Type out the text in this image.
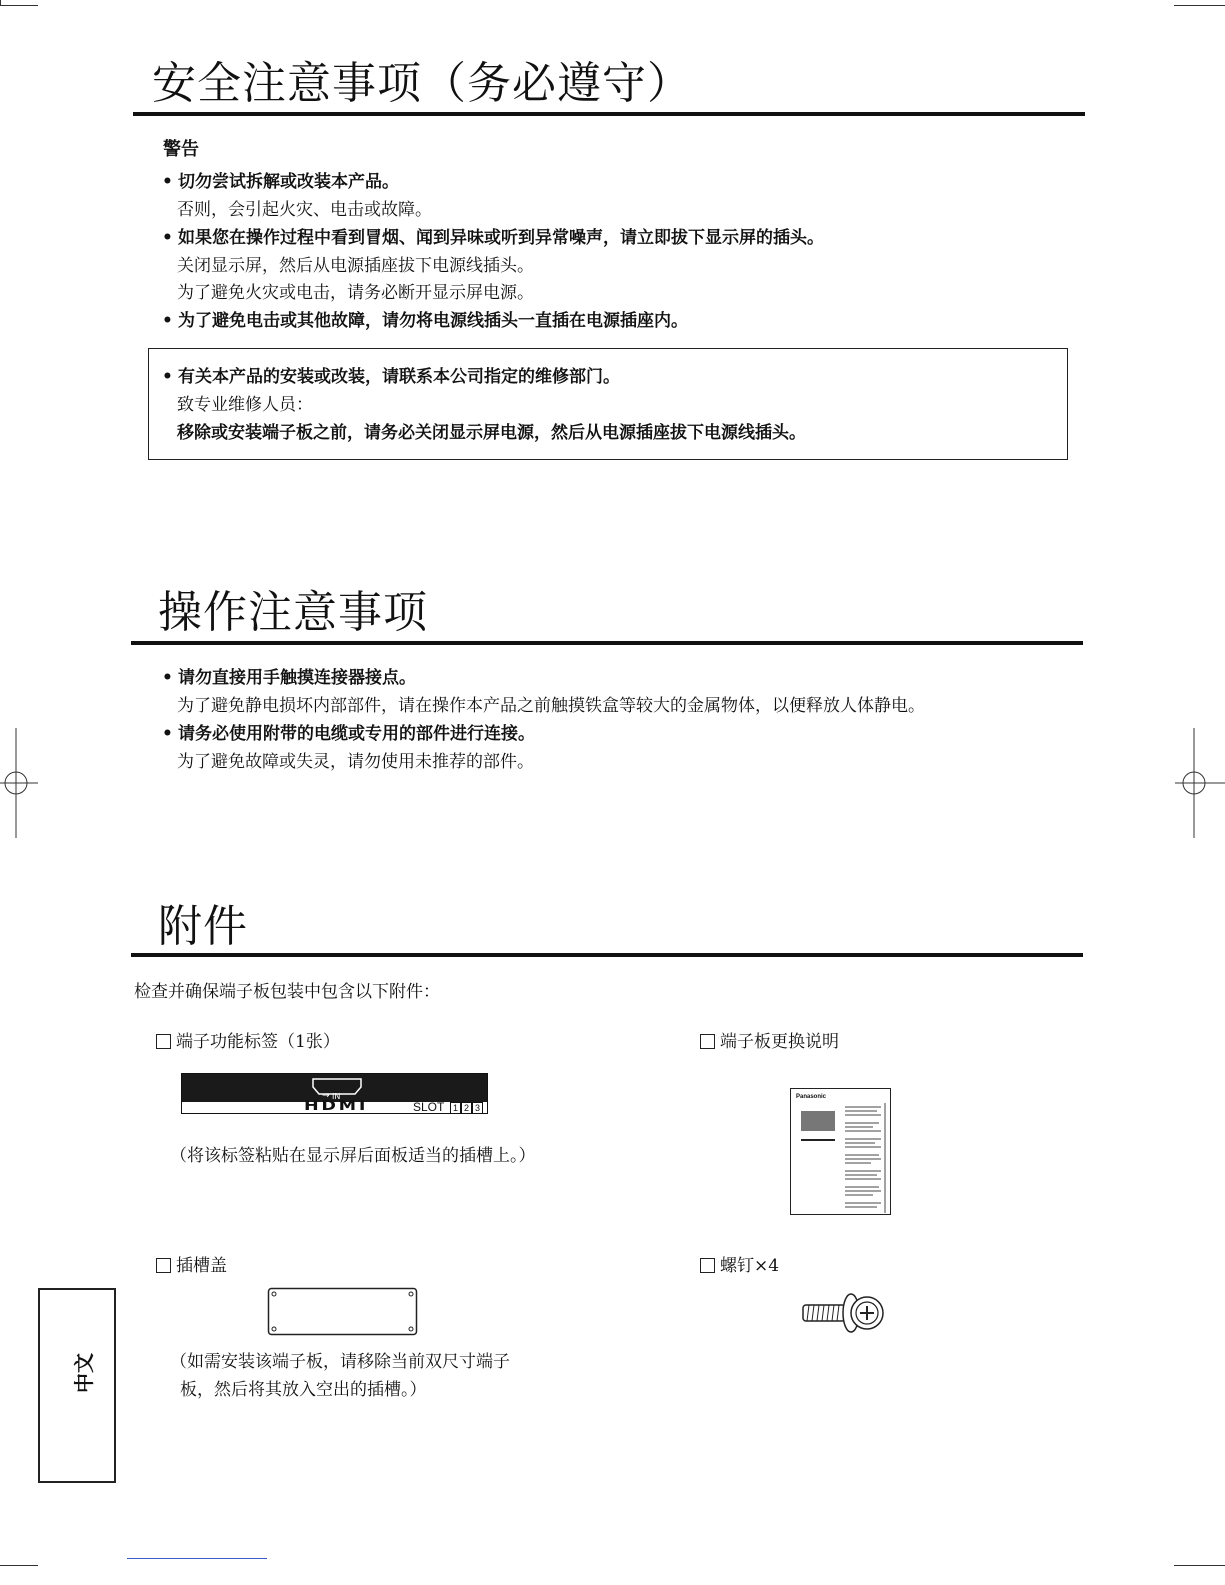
安全注意事项（务必遵守）
警告
• 切勿尝试拆解或改装本产品。
否则，会引起火灾、电击或故障。
• 如果您在操作过程中看到冒烟、闻到异味或听到异常噪声，请立即拔下显示屏的插头。
关闭显示屏，然后从电源插座拔下电源线插头。
为了避免火灾或电击，请务必断开显示屏电源。
• 为了避免电击或其他故障，请勿将电源线插头一直插在电源插座内。
• 有关本产品的安装或改装，请联系本公司指定的维修部门。
致专业维修人员：
移除或安装端子板之前，请务必关闭显示屏电源，然后从电源插座拔下电源线插头。
操作注意事项
• 请勿直接用手触摸连接器接点。
为了避免静电损坏内部部件，请在操作本产品之前触摸铁盒等较大的金属物体，以便释放人体静电。
• 请务必使用附带的电缆或专用的部件进行连接。
为了避免故障或失灵，请勿使用未推荐的部件。
附件
检查并确保端子板包装中包含以下附件：
端子功能标签（1张）
→ IN
HDMI	SLOT 1 2 3
（将该标签粘贴在显示屏后面板适当的插槽上。）
端子板更换说明
Panasonic
插槽盖
（如需安装该端子板，请移除当前双尺寸端子
板，然后将其放入空出的插槽。）
螺钉×4
中文
